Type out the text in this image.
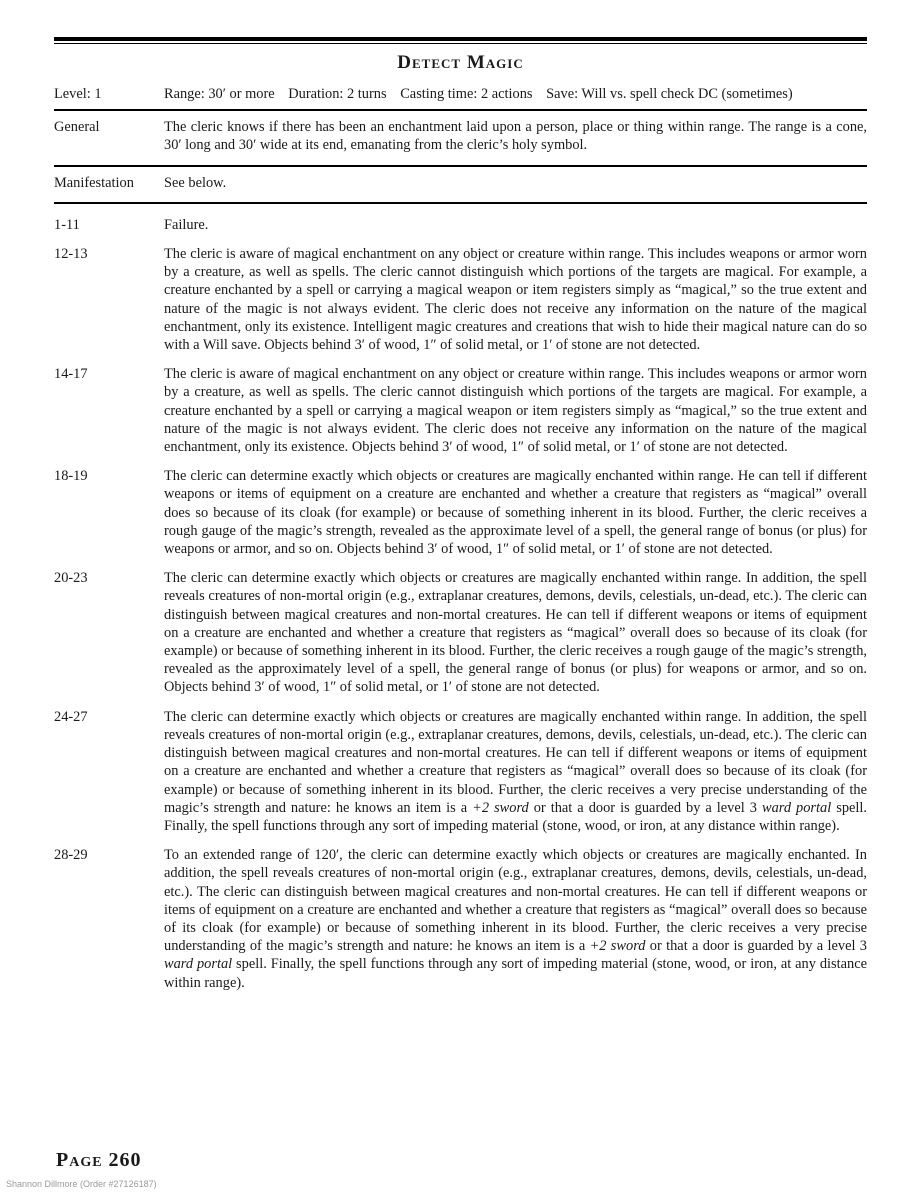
Detect Magic
Level: 1	Range: 30′ or more Duration: 2 turns Casting time: 2 actions Save: Will vs. spell check DC (sometimes)
General	The cleric knows if there has been an enchantment laid upon a person, place or thing within range. The range is a cone, 30′ long and 30′ wide at its end, emanating from the cleric’s holy symbol.
Manifestation	See below.
1-11	Failure.
12-13	The cleric is aware of magical enchantment on any object or creature within range. This includes weapons or armor worn by a creature, as well as spells. The cleric cannot distinguish which portions of the targets are magical. For example, a creature enchanted by a spell or carrying a magical weapon or item registers simply as “magical,” so the true extent and nature of the magic is not always evident. The cleric does not receive any information on the nature of the magical enchantment, only its existence. Intelligent magic creatures and creations that wish to hide their magical nature can do so with a Will save. Objects behind 3′ of wood, 1″ of solid metal, or 1′ of stone are not detected.
14-17	The cleric is aware of magical enchantment on any object or creature within range. This includes weapons or armor worn by a creature, as well as spells. The cleric cannot distinguish which portions of the targets are magical. For example, a creature enchanted by a spell or carrying a magical weapon or item registers simply as “magical,” so the true extent and nature of the magic is not always evident. The cleric does not receive any information on the nature of the magical enchantment, only its existence. Objects behind 3′ of wood, 1″ of solid metal, or 1′ of stone are not detected.
18-19	The cleric can determine exactly which objects or creatures are magically enchanted within range. He can tell if different weapons or items of equipment on a creature are enchanted and whether a creature that registers as “magical” overall does so because of its cloak (for example) or because of something inherent in its blood. Further, the cleric receives a rough gauge of the magic’s strength, revealed as the approximate level of a spell, the general range of bonus (or plus) for weapons or armor, and so on. Objects behind 3′ of wood, 1″ of solid metal, or 1′ of stone are not detected.
20-23	The cleric can determine exactly which objects or creatures are magically enchanted within range. In addition, the spell reveals creatures of non-mortal origin (e.g., extraplanar creatures, demons, devils, celestials, un-dead, etc.). The cleric can distinguish between magical creatures and non-mortal creatures. He can tell if different weapons or items of equipment on a creature are enchanted and whether a creature that registers as “magical” overall does so because of its cloak (for example) or because of something inherent in its blood. Further, the cleric receives a rough gauge of the magic’s strength, revealed as the approximately level of a spell, the general range of bonus (or plus) for weapons or armor, and so on. Objects behind 3′ of wood, 1″ of solid metal, or 1′ of stone are not detected.
24-27	The cleric can determine exactly which objects or creatures are magically enchanted within range. In addition, the spell reveals creatures of non-mortal origin (e.g., extraplanar creatures, demons, devils, celestials, un-dead, etc.). The cleric can distinguish between magical creatures and non-mortal creatures. He can tell if different weapons or items of equipment on a creature are enchanted and whether a creature that registers as “magical” overall does so because of its cloak (for example) or because of something inherent in its blood. Further, the cleric receives a very precise understanding of the magic’s strength and nature: he knows an item is a +2 sword or that a door is guarded by a level 3 ward portal spell. Finally, the spell functions through any sort of impeding material (stone, wood, or iron, at any distance within range).
28-29	To an extended range of 120′, the cleric can determine exactly which objects or creatures are magically enchanted. In addition, the spell reveals creatures of non-mortal origin (e.g., extraplanar creatures, demons, devils, celestials, un-dead, etc.). The cleric can distinguish between magical creatures and non-mortal creatures. He can tell if different weapons or items of equipment on a creature are enchanted and whether a creature that registers as “magical” overall does so because of its cloak (for example) or because of something inherent in its blood. Further, the cleric receives a very precise understanding of the magic’s strength and nature: he knows an item is a +2 sword or that a door is guarded by a level 3 ward portal spell. Finally, the spell functions through any sort of impeding material (stone, wood, or iron, at any distance within range).
Page 260
Shannon Dillmore (Order #27126187)
